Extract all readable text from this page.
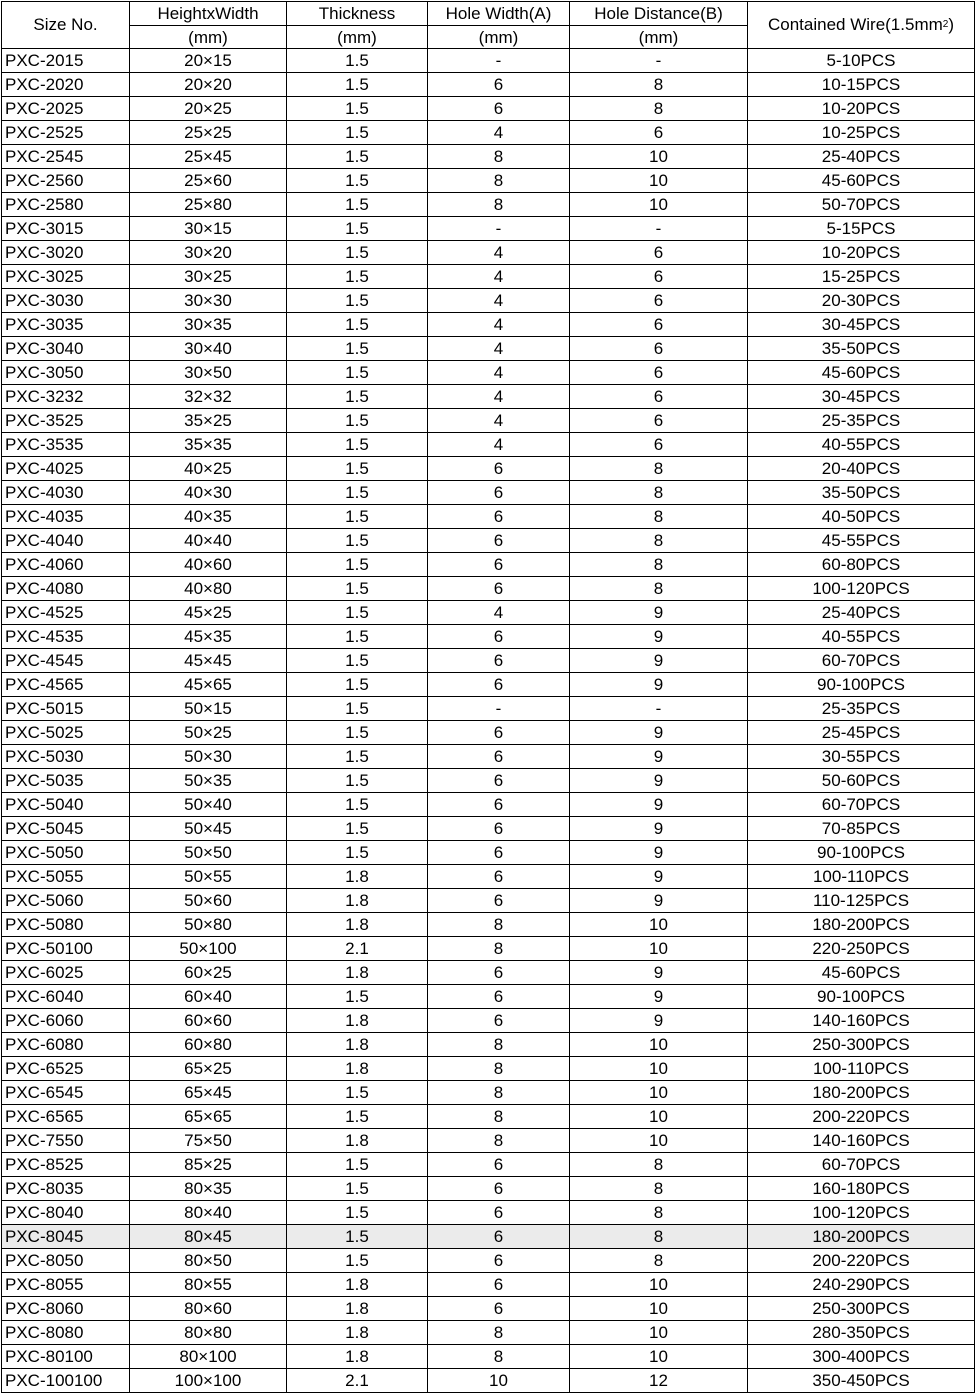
Size No.	HeightxWidth	Thickness	Hole Width(A)	Hole Distance(B)	Contained $Wire(1.5mm^2)$
	(mm)	(mm)	(mm)	(mm)	
PXC-2015	20×15	1.5	-	-	5-10PCS
PXC-2020	20×20	1.5	6	8	10-15PCS
PXC-2025	20×25	1.5	6	8	10-20PCS
PXC-2525	25×25	1.5	4	6	10-25PCS
PXC-2545	25×45	1.5	8	10	25-40PCS
PXC-2560	25×60	1.5	8	10	45-60PCS
PXC-2580	25×80	1.5	8	10	50-70PCS
PXC-3015	30×15	1.5	-	-	5-15PCS
PXC-3020	30×20	1.5	4	6	10-20PCS
PXC-3025	30×25	1.5	4	6	15-25PCS
PXC-3030	30×30	1.5	4	6	20-30PCS
PXC-3035	30×35	1.5	4	6	30-45PCS
PXC-3040	30×40	1.5	4	6	35-50PCS
PXC-3050	30×50	1.5	4	6	45-60PCS
PXC-3232	32×32	1.5	4	6	30-45PCS
PXC-3525	35×25	1.5	4	6	25-35PCS
PXC-3535	35×35	1.5	4	6	40-55PCS
PXC-4025	40×25	1.5	6	8	20-40PCS
PXC-4030	40×30	1.5	6	8	35-50PCS
PXC-4035	40×35	1.5	6	8	40-50PCS
PXC-4040	40×40	1.5	6	8	45-55PCS
PXC-4060	40×60	1.5	6	8	60-80PCS
PXC-4080	40×80	1.5	6	8	100-120PCS
PXC-4525	45×25	1.5	4	9	25-40PCS
PXC-4535	45×35	1.5	6	9	40-55PCS
PXC-4545	45×45	1.5	6	9	60-70PCS
PXC-4565	45×65	1.5	6	9	90-100PCS
PXC-5015	50×15	1.5	-	-	25-35PCS
PXC-5025	50×25	1.5	6	9	25-45PCS
PXC-5030	50×30	1.5	6	9	30-55PCS
PXC-5035	50×35	1.5	6	9	50-60PCS
PXC-5040	50×40	1.5	6	9	60-70PCS
PXC-5045	50×45	1.5	6	9	70-85PCS
PXC-5050	50×50	1.5	6	9	90-100PCS
PXC-5055	50×55	1.8	6	9	100-110PCS
PXC-5060	50×60	1.8	6	9	110-125PCS
PXC-5080	50×80	1.8	8	10	180-200PCS
PXC-50100	50×100	2.1	8	10	220-250PCS
PXC-6025	60×25	1.8	6	9	45-60PCS
PXC-6040	60×40	1.5	6	9	90-100PCS
PXC-6060	60×60	1.8	6	9	140-160PCS
PXC-6080	60×80	1.8	8	10	250-300PCS
PXC-6525	65×25	1.8	8	10	100-110PCS
PXC-6545	65×45	1.5	8	10	180-200PCS
PXC-6565	65×65	1.5	8	10	200-220PCS
PXC-7550	75×50	1.8	8	10	140-160PCS
PXC-8525	85×25	1.5	6	8	60-70PCS
PXC-8035	80×35	1.5	6	8	160-180PCS
PXC-8040	80×40	1.5	6	8	100-120PCS
PXC-8045	80×45	1.5	6	8	180-200PCS
PXC-8050	80×50	1.5	6	8	200-220PCS
PXC-8055	80×55	1.8	6	10	240-290PCS
PXC-8060	80×60	1.8	6	10	250-300PCS
PXC-8080	80×80	1.8	8	10	280-350PCS
PXC-80100	80×100	1.8	8	10	300-400PCS
PXC-100100	100×100	2.1	10	12	350-450PCS
